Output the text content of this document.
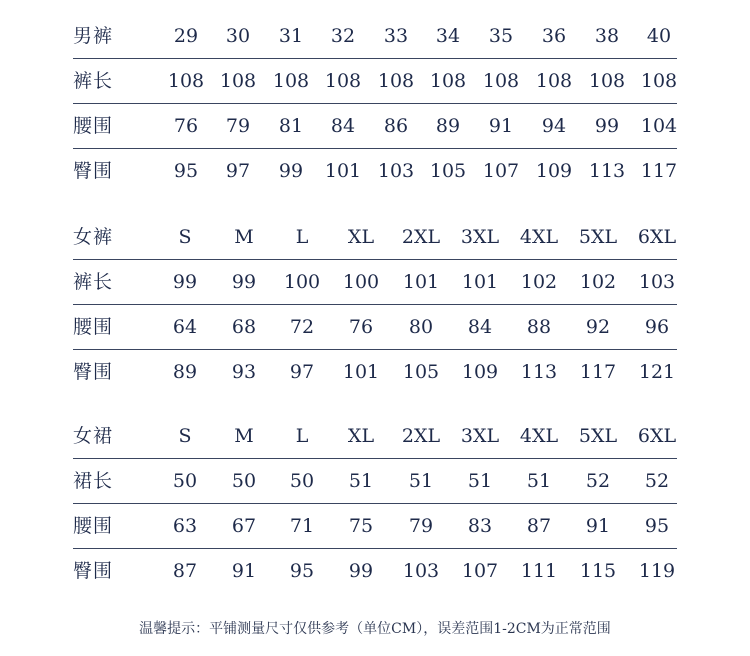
男裤	29 30 31 32 33 34 35 36 38 40
裤长	108 108 108 108 108 108 108 108 108 108
腰围	76 79 81 84 86 89 91 94 99 104
臀围	95 97 99 101 103 105 107 109 113 117
女裤	S M L XL 2XL 3XL 4XL 5XL 6XL
裤长	99 99 100 100 101 101 102 102 103
腰围	64 68 72 76 80 84 88 92 96
臀围	89 93 97 101 105 109 113 117 121
女裙	S M L XL 2XL 3XL 4XL 5XL 6XL
裙长	50 50 50 51 51 51 51 52 52
腰围	63 67 71 75 79 83 87 91 95
臀围	87 91 95 99 103 107 111 115 119
温馨提示：平铺测量尺寸仅供参考（单位CM），误差范围1-2CM为正常范围
